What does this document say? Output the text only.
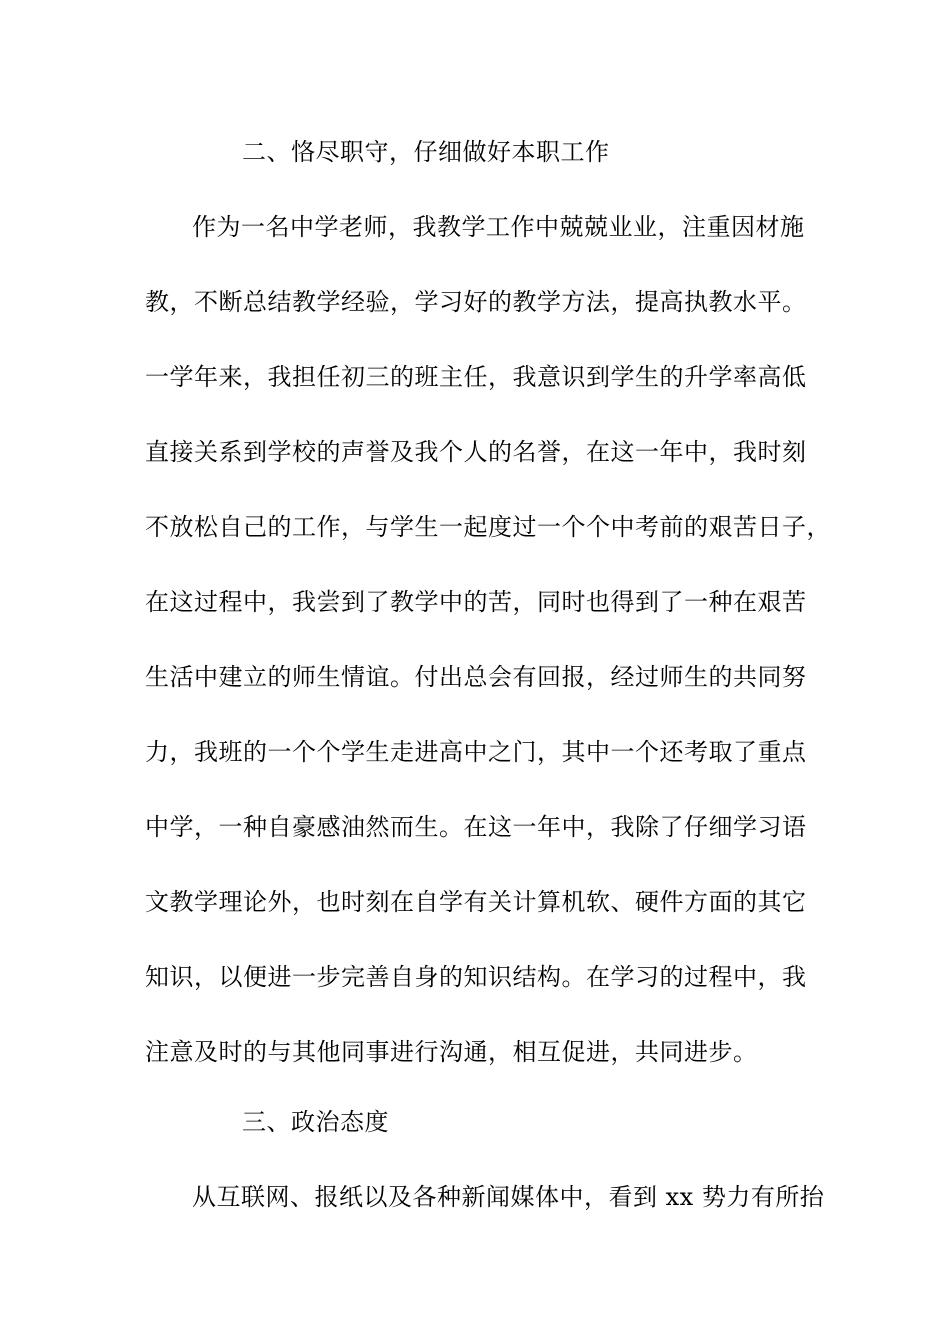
二、恪尽职守，仔细做好本职工作
作为一名中学老师，我教学工作中兢兢业业，注重因材施
教，不断总结教学经验，学习好的教学方法，提高执教水平。
一学年来，我担任初三的班主任，我意识到学生的升学率高低
直接关系到学校的声誉及我个人的名誉，在这一年中，我时刻
不放松自己的工作，与学生一起度过一个个中考前的艰苦日子，
在这过程中，我尝到了教学中的苦，同时也得到了一种在艰苦
生活中建立的师生情谊。付出总会有回报，经过师生的共同努
力，我班的一个个学生走进高中之门，其中一个还考取了重点
中学，一种自豪感油然而生。在这一年中，我除了仔细学习语
文教学理论外，也时刻在自学有关计算机软、硬件方面的其它
知识，以便进一步完善自身的知识结构。在学习的过程中，我
注意及时的与其他同事进行沟通，相互促进，共同进步。
三、政治态度
从互联网、报纸以及各种新闻媒体中，看到 xx 势力有所抬
